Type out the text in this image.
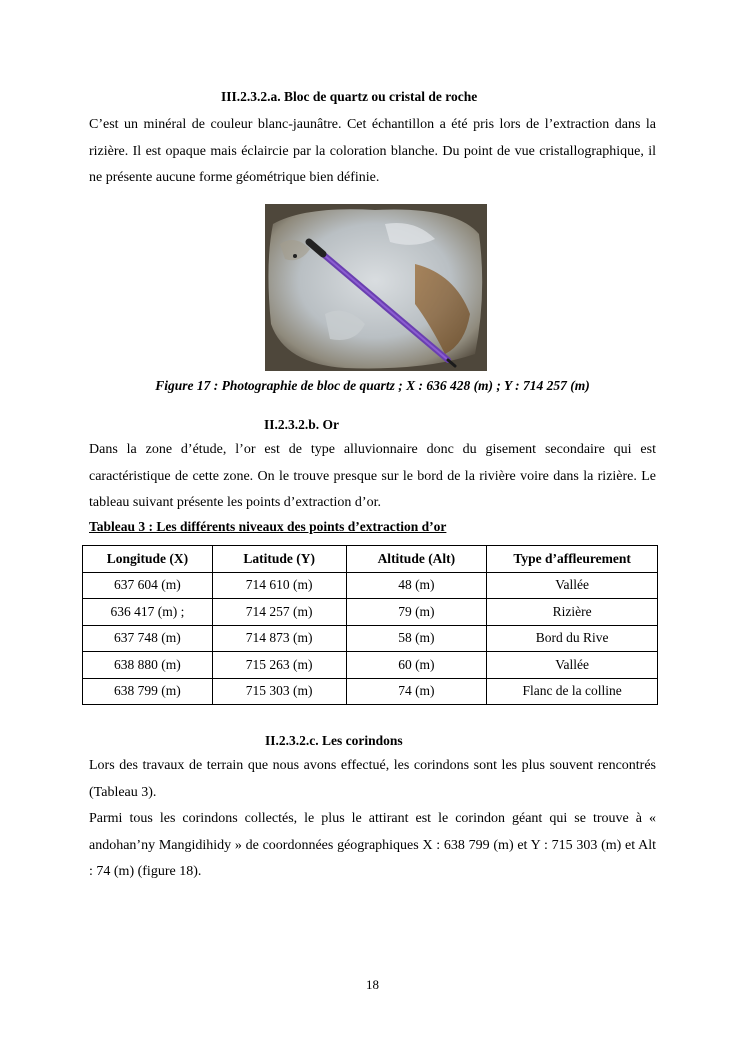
III.2.3.2.a. Bloc de quartz ou cristal de roche

C’est un minéral de couleur blanc-jaunâtre. Cet échantillon a été pris lors de l’extraction dans la rizière. Il est opaque mais éclaircie par la coloration blanche. Du point de vue cristallographique, il ne présente aucune forme géométrique bien définie.

Figure 17 : Photographie de bloc de quartz ; X : 636 428 (m) ; Y : 714 257 (m)
II.2.3.2.b. Or

Dans la zone d’étude, l’or est de type alluvionnaire donc du gisement secondaire qui est caractéristique de cette zone. On le trouve presque sur le bord de la rivière voire dans la rizière. Le tableau suivant présente les points d’extraction d’or.

Tableau 3 : Les différents niveaux des points d’extraction d’or
Longitude (X)	Latitude (Y)	Altitude (Alt)	Type d’affleurement
637 604 (m)	714 610 (m)	48 (m)	Vallée
636 417 (m) ;	714 257 (m)	79 (m)	Rizière
637 748 (m)	714 873 (m)	58 (m)	Bord du Rive
638 880 (m)	715 263 (m)	60 (m)	Vallée
638 799 (m)	715 303 (m)	74 (m)	Flanc de la colline
II.2.3.2.c. Les corindons

Lors des travaux de terrain que nous avons effectué, les corindons sont les plus souvent rencontrés (Tableau 3).

Parmi tous les corindons collectés, le plus le attirant est le corindon géant qui se trouve à « andohan’ny Mangidihidy » de coordonnées géographiques X : 638 799 (m) et Y : 715 303 (m) et Alt : 74 (m) (figure 18).

18
